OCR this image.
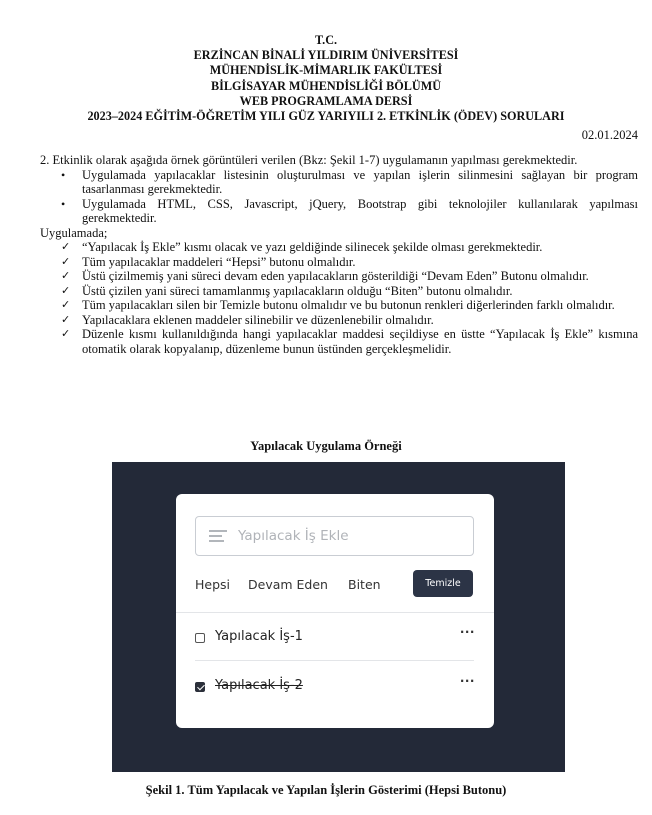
T.C.
ERZİNCAN BİNALİ YILDIRIM ÜNİVERSİTESİ
MÜHENDİSLİK-MİMARLIK FAKÜLTESİ
BİLGİSAYAR MÜHENDİSLİĞİ BÖLÜMÜ
WEB PROGRAMLAMA DERSİ
2023–2024 EĞİTİM-ÖĞRETİM YILI GÜZ YARIYILI 2. ETKİNLİK (ÖDEV) SORULARI
02.01.2024

2. Etkinlik olarak aşağıda örnek görüntüleri verilen (Bkz: Şekil 1-7) uygulamanın yapılması gerekmektedir.

• Uygulamada yapılacaklar listesinin oluşturulması ve yapılan işlerin silinmesini sağlayan bir program tasarlanması gerekmektedir.
• Uygulamada HTML, CSS, Javascript, jQuery, Bootstrap gibi teknolojiler kullanılarak yapılması gerekmektedir.

Uygulamada;

✓ “Yapılacak İş Ekle” kısmı olacak ve yazı geldiğinde silinecek şekilde olması gerekmektedir.
✓ Tüm yapılacaklar maddeleri “Hepsi” butonu olmalıdır.
✓ Üstü çizilmemiş yani süreci devam eden yapılacakların gösterildiği “Devam Eden” Butonu olmalıdır.
✓ Üstü çizilen yani süreci tamamlanmış yapılacakların olduğu “Biten” butonu olmalıdır.
✓ Tüm yapılacakları silen bir Temizle butonu olmalıdır ve bu butonun renkleri diğerlerinden farklı olmalıdır.
✓ Yapılacaklara eklenen maddeler silinebilir ve düzenlenebilir olmalıdır.
✓ Düzenle kısmı kullanıldığında hangi yapılacaklar maddesi seçildiyse en üstte “Yapılacak İş Ekle” kısmına otomatik olarak kopyalanıp, düzenleme bunun üstünden gerçekleşmelidir.
Yapılacak Uygulama Örneği
Yapılacak İş Ekle
Hepsi Devam Eden Biten	Temizle
Yapılacak İş-1	···
Yapılacak İş-2	···
Şekil 1. Tüm Yapılacak ve Yapılan İşlerin Gösterimi (Hepsi Butonu)
